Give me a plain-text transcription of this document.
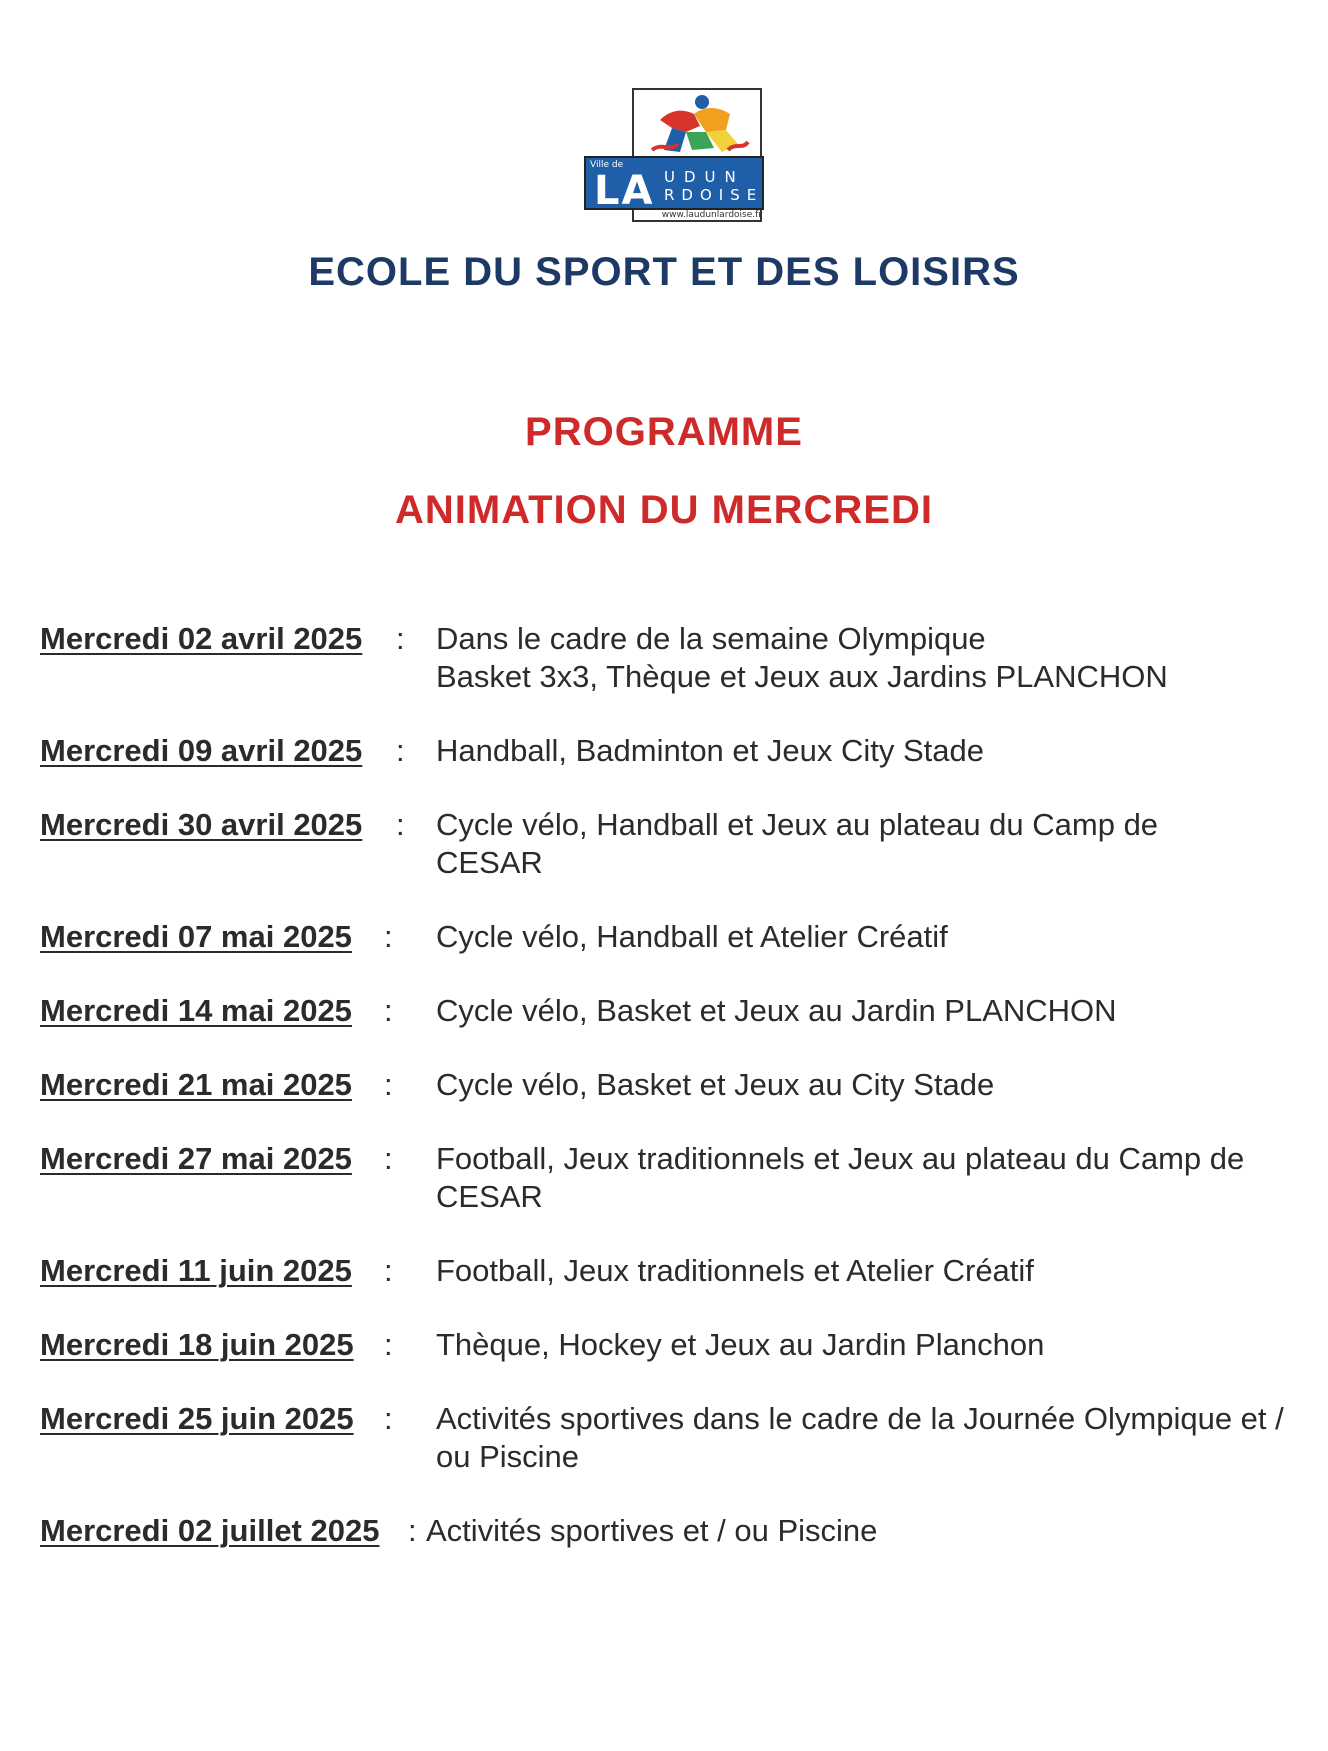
Ville de
LA UDUN
RDOISE
www.laudunlardoise.fr
ECOLE DU SPORT ET DES LOISIRS
PROGRAMME
ANIMATION DU MERCREDI
Mercredi 02 avril 2025 : Dans le cadre de la semaine Olympique
Basket 3x3, Thèque et Jeux aux Jardins PLANCHON
Mercredi 09 avril 2025 : Handball, Badminton et Jeux City Stade
Mercredi 30 avril 2025 : Cycle vélo, Handball et Jeux au plateau du Camp de CESAR
Mercredi 07 mai 2025 : Cycle vélo, Handball et Atelier Créatif
Mercredi 14 mai 2025 : Cycle vélo, Basket et Jeux au Jardin PLANCHON
Mercredi 21 mai 2025 : Cycle vélo, Basket et Jeux au City Stade
Mercredi 27 mai 2025 : Football, Jeux traditionnels et Jeux au plateau du Camp de CESAR
Mercredi 11 juin 2025 : Football, Jeux traditionnels et Atelier Créatif
Mercredi 18 juin 2025 : Thèque, Hockey et Jeux au Jardin Planchon
Mercredi 25 juin 2025 : Activités sportives dans le cadre de la Journée Olympique et / ou Piscine
Mercredi 02 juillet 2025 : Activités sportives et / ou Piscine
